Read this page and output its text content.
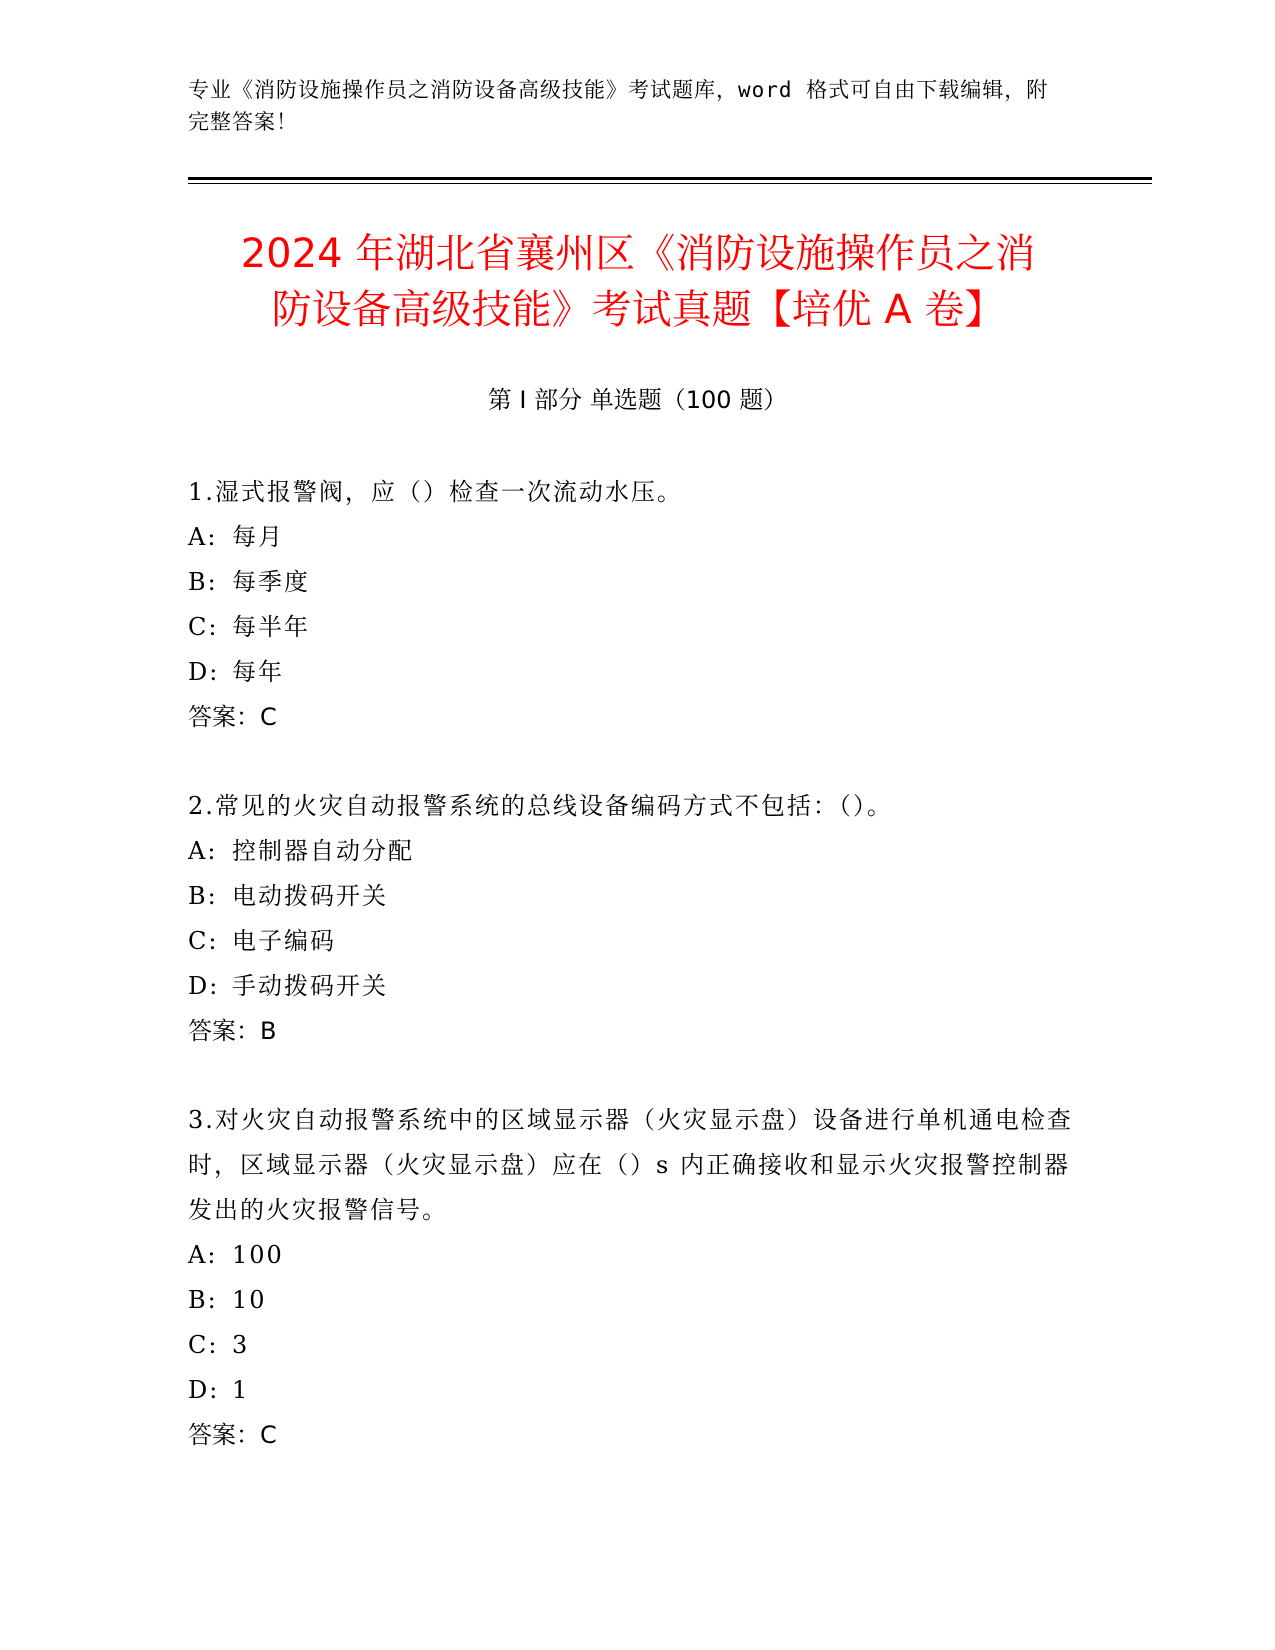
专业《消防设施操作员之消防设备高级技能》考试题库，word 格式可自由下载编辑，附完整答案！
2024 年湖北省襄州区《消防设施操作员之消
防设备高级技能》考试真题【培优 A 卷】
第 I 部分 单选题（100 题）
1.湿式报警阀，应（）检查一次流动水压。
A: 每月
B: 每季度
C: 每半年
D: 每年
答案：C
2.常见的火灾自动报警系统的总线设备编码方式不包括：（）。
A: 控制器自动分配
B: 电动拨码开关
C: 电子编码
D: 手动拨码开关
答案：B
3.对火灾自动报警系统中的区域显示器（火灾显示盘）设备进行单机通电检查时，区域显示器（火灾显示盘）应在（）s 内正确接收和显示火灾报警控制器发出的火灾报警信号。
A: 100
B: 10
C: 3
D: 1
答案：C
